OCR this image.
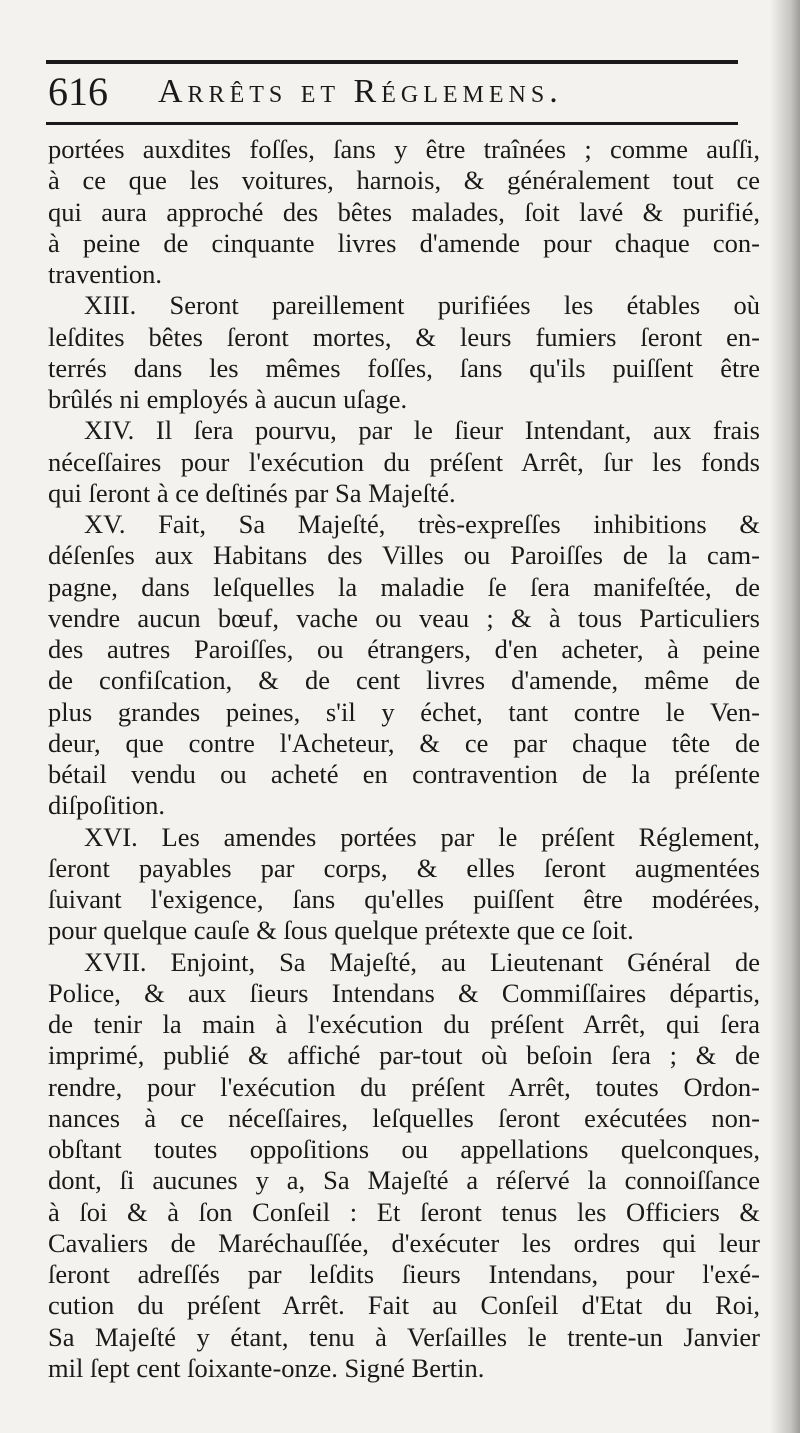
616 Arrêts et Réglemens.
portées auxdites foſſes, ſans y être traînées ; comme auſſi,
à ce que les voitures, harnois, & généralement tout ce
qui aura approché des bêtes malades, ſoit lavé & purifié,
à peine de cinquante livres d'amende pour chaque con-
travention.
XIII. Seront pareillement purifiées les étables où
leſdites bêtes ſeront mortes, & leurs fumiers ſeront en-
terrés dans les mêmes foſſes, ſans qu'ils puiſſent être
brûlés ni employés à aucun uſage.
XIV. Il ſera pourvu, par le ſieur Intendant, aux frais
néceſſaires pour l'exécution du préſent Arrêt, ſur les fonds
qui ſeront à ce deſtinés par Sa Majeſté.
XV. Fait, Sa Majeſté, très-expreſſes inhibitions &
déſenſes aux Habitans des Villes ou Paroiſſes de la cam-
pagne, dans leſquelles la maladie ſe ſera manifeſtée, de
vendre aucun bœuf, vache ou veau ; & à tous Particuliers
des autres Paroiſſes, ou étrangers, d'en acheter, à peine
de confiſcation, & de cent livres d'amende, même de
plus grandes peines, s'il y échet, tant contre le Ven-
deur, que contre l'Acheteur, & ce par chaque tête de
bétail vendu ou acheté en contravention de la préſente
diſpoſition.
XVI. Les amendes portées par le préſent Réglement,
ſeront payables par corps, & elles ſeront augmentées
ſuivant l'exigence, ſans qu'elles puiſſent être modérées,
pour quelque cauſe & ſous quelque prétexte que ce ſoit.
XVII. Enjoint, Sa Majeſté, au Lieutenant Général de
Police, & aux ſieurs Intendans & Commiſſaires départis,
de tenir la main à l'exécution du préſent Arrêt, qui ſera
imprimé, publié & affiché par-tout où beſoin ſera ; & de
rendre, pour l'exécution du préſent Arrêt, toutes Ordon-
nances à ce néceſſaires, leſquelles ſeront exécutées non-
obſtant toutes oppoſitions ou appellations quelconques,
dont, ſi aucunes y a, Sa Majeſté a réſervé la connoiſſance
à ſoi & à ſon Conſeil : Et ſeront tenus les Officiers &
Cavaliers de Maréchauſſée, d'exécuter les ordres qui leur
ſeront adreſſés par leſdits ſieurs Intendans, pour l'exé-
cution du préſent Arrêt. Fait au Conſeil d'Etat du Roi,
Sa Majeſté y étant, tenu à Verſailles le trente-un Janvier
mil ſept cent ſoixante-onze. Signé Bertin.
